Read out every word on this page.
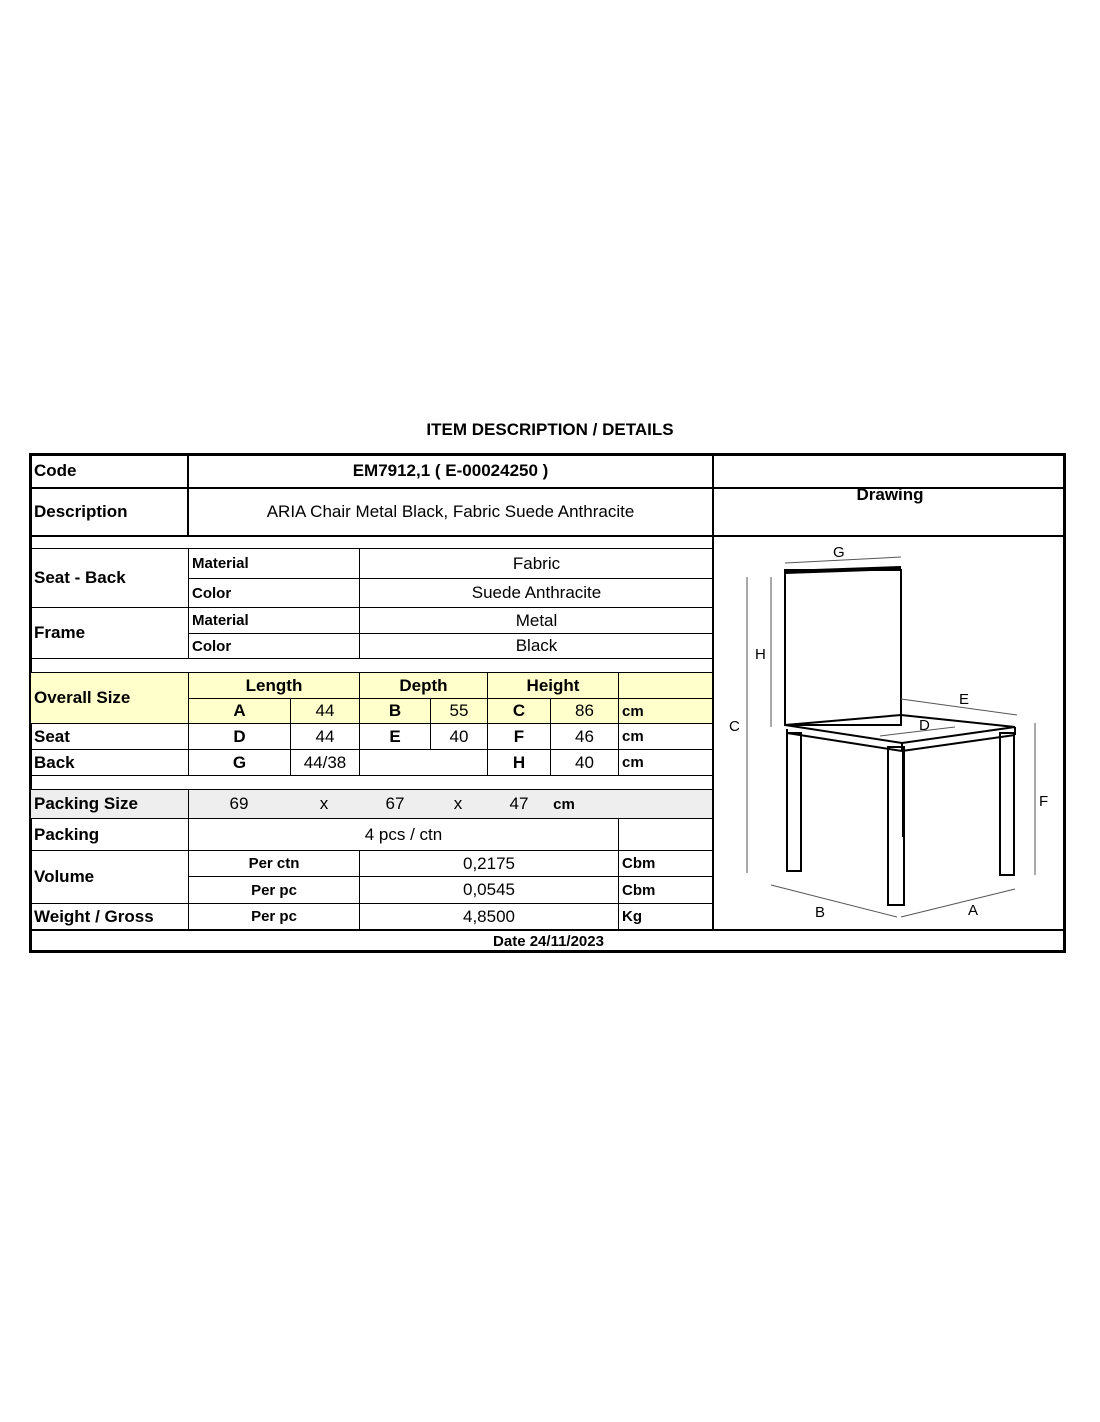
ITEM DESCRIPTION / DETAILS
Code	EM7912,1 ( E-00024250 )
Description	ARIA Chair Metal Black, Fabric Suede Anthracite
Drawing
Seat - Back
Material	Fabric
Color	Suede Anthracite
Frame
Material	Metal
Color	Black
Overall Size
Length	Depth	Height
A	44	B	55	C	86	cm
Seat	D	44	E	40	F	46	cm
Back	G	44/38	H	40	cm
Packing Size	69	x	67	x	47	cm
Packing	4 pcs / ctn
Volume
Per ctn	0,2175	Cbm
Per pc	0,0545	Cbm
Weight / Gross	Per pc	4,8500	Kg
Date 24/11/2023
G
H
C
E
D
F
B	A
